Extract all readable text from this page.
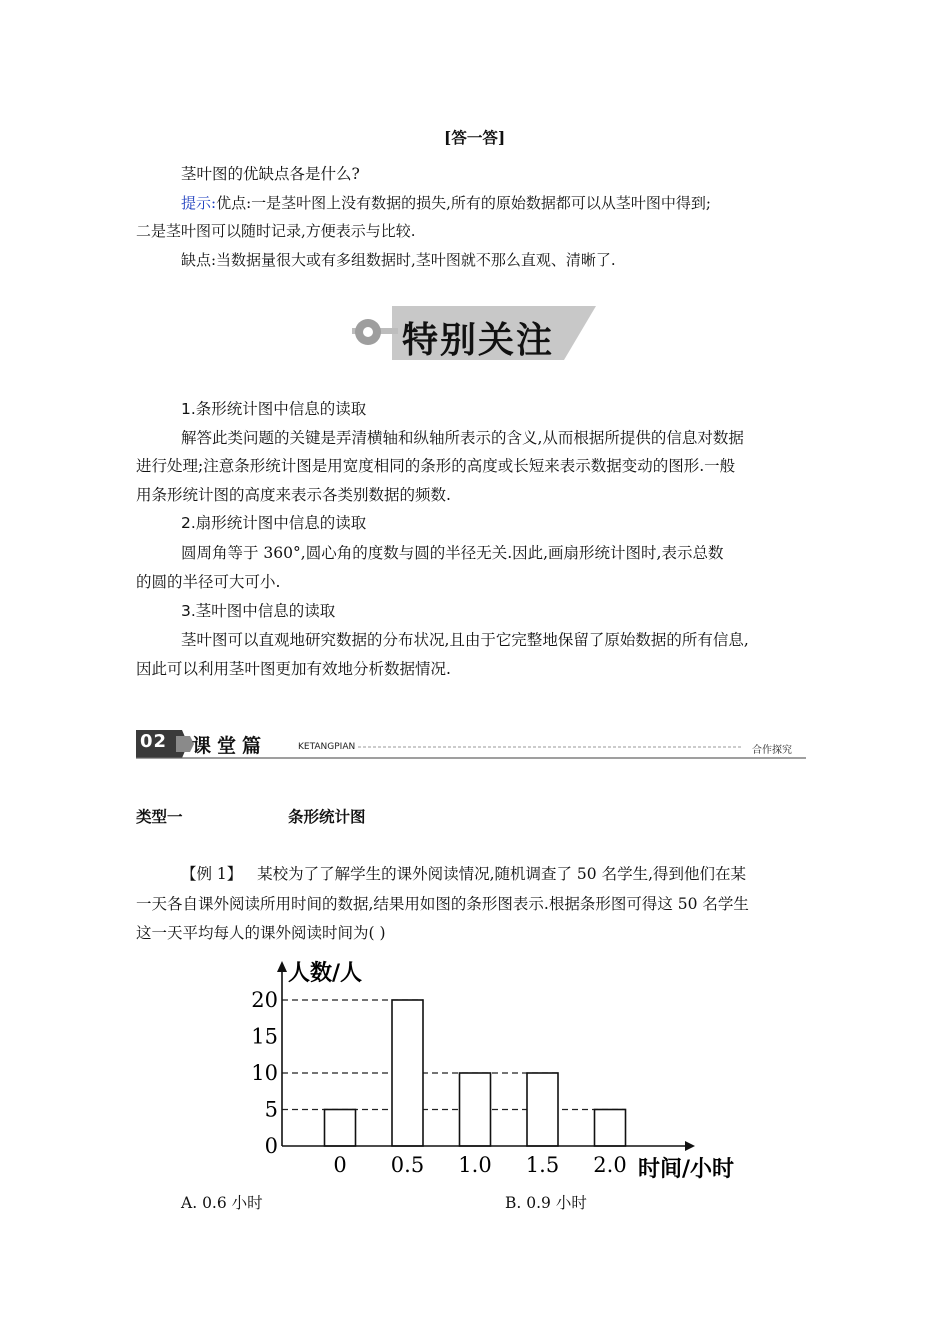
[答一答]
茎叶图的优缺点各是什么?
提示:优点:一是茎叶图上没有数据的损失,所有的原始数据都可以从茎叶图中得到;
二是茎叶图可以随时记录,方便表示与比较.
缺点:当数据量很大或有多组数据时,茎叶图就不那么直观、清晰了.
特别关注
1.条形统计图中信息的读取
解答此类问题的关键是弄清横轴和纵轴所表示的含义,从而根据所提供的信息对数据
进行处理;注意条形统计图是用宽度相同的条形的高度或长短来表示数据变动的图形.一般
用条形统计图的高度来表示各类别数据的频数.
2.扇形统计图中信息的读取
圆周角等于 360°,圆心角的度数与圆的半径无关.因此,画扇形统计图时,表示总数
的圆的半径可大可小.
3.茎叶图中信息的读取
茎叶图可以直观地研究数据的分布状况,且由于它完整地保留了原始数据的所有信息,
因此可以利用茎叶图更加有效地分析数据情况.
02 课堂篇	KETANGPIAN	合作探究
类型一	条形统计图
【例 1】 某校为了了解学生的课外阅读情况,随机调查了 50 名学生,得到他们在某
一天各自课外阅读所用时间的数据,结果用如图的条形图表示.根据条形图可得这 50 名学生
这一天平均每人的课外阅读时间为( )
0
5
10
15
20
0 0.5 1.0 1.5 2.0
人数/人
时间/小时
A. 0.6 小时	B. 0.9 小时
